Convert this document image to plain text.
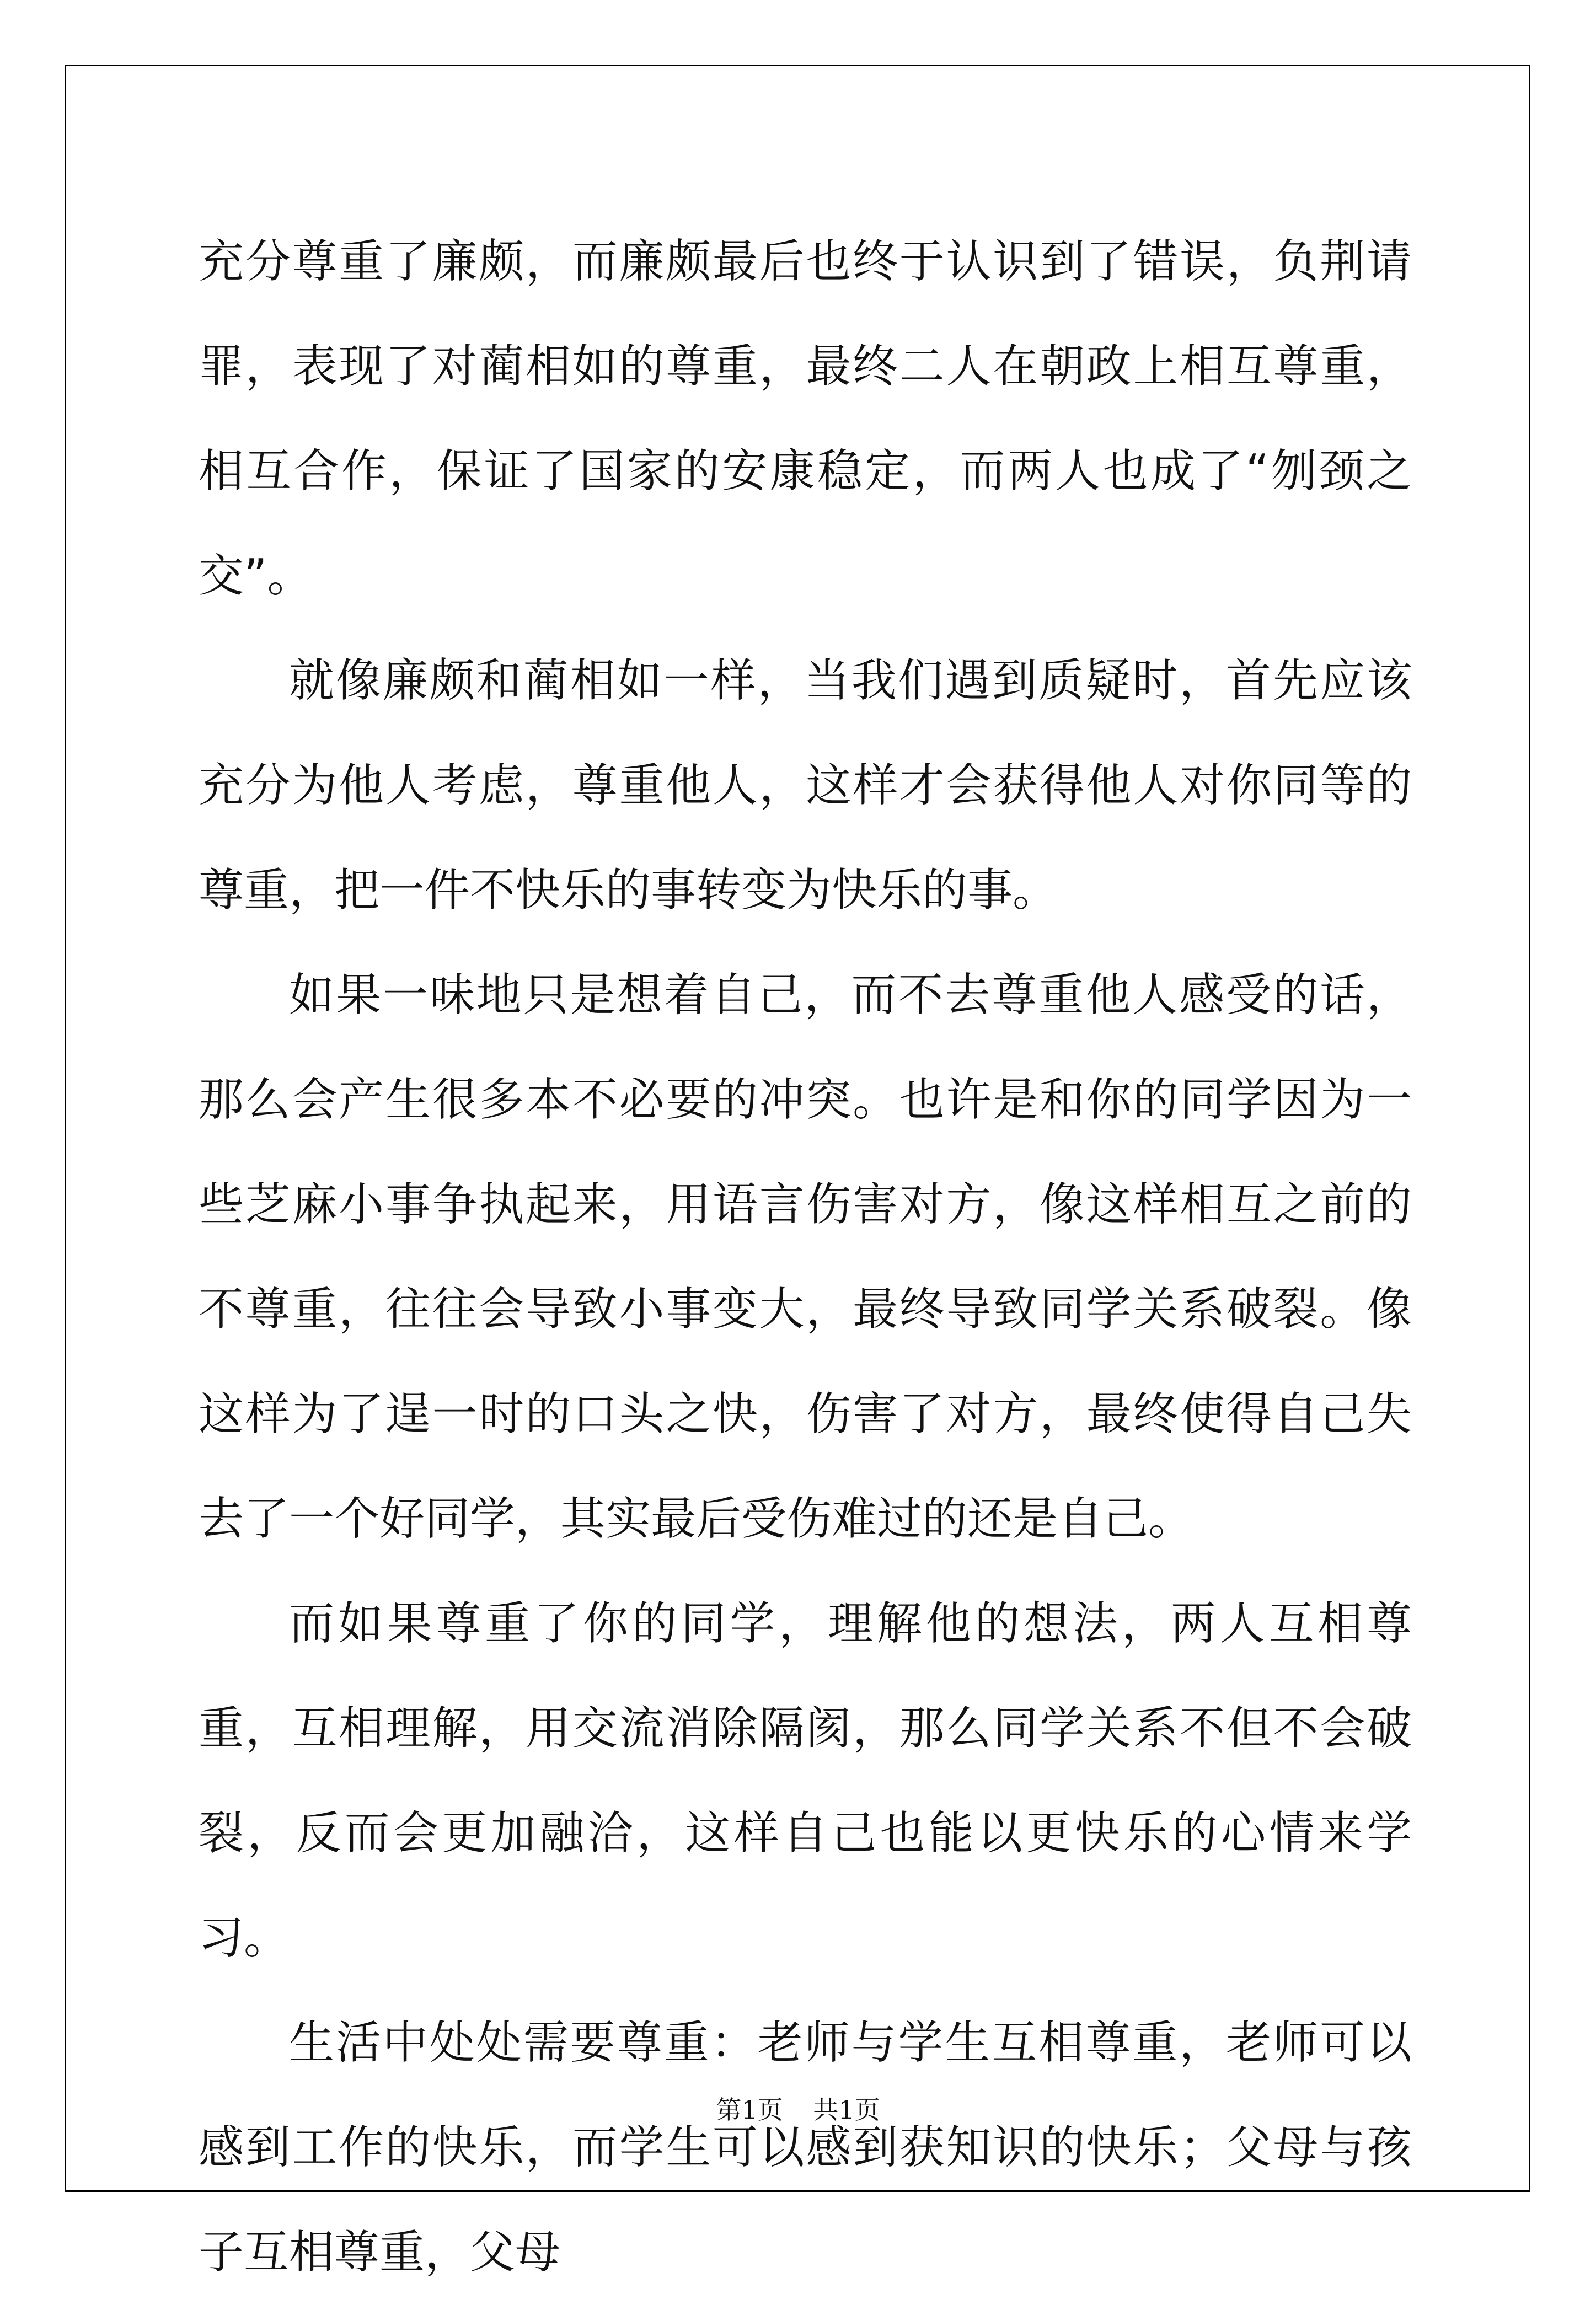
充分尊重了廉颇，而廉颇最后也终于认识到了错误，负荆请罪，表现了对蔺相如的尊重，最终二人在朝政上相互尊重，相互合作，保证了国家的安康稳定，而两人也成了“刎颈之交”。

就像廉颇和蔺相如一样，当我们遇到质疑时，首先应该充分为他人考虑，尊重他人，这样才会获得他人对你同等的尊重，把一件不快乐的事转变为快乐的事。

如果一味地只是想着自己，而不去尊重他人感受的话，那么会产生很多本不必要的冲突。也许是和你的同学因为一些芝麻小事争执起来，用语言伤害对方，像这样相互之前的不尊重，往往会导致小事变大，最终导致同学关系破裂。像这样为了逞一时的口头之快，伤害了对方，最终使得自己失去了一个好同学，其实最后受伤难过的还是自己。

而如果尊重了你的同学，理解他的想法，两人互相尊重，互相理解，用交流消除隔阂，那么同学关系不但不会破裂，反而会更加融洽，这样自己也能以更快乐的心情来学习。

生活中处处需要尊重：老师与学生互相尊重，老师可以感到工作的快乐，而学生可以感到获知识的快乐；父母与孩子互相尊重，父母

第1页 共1页
